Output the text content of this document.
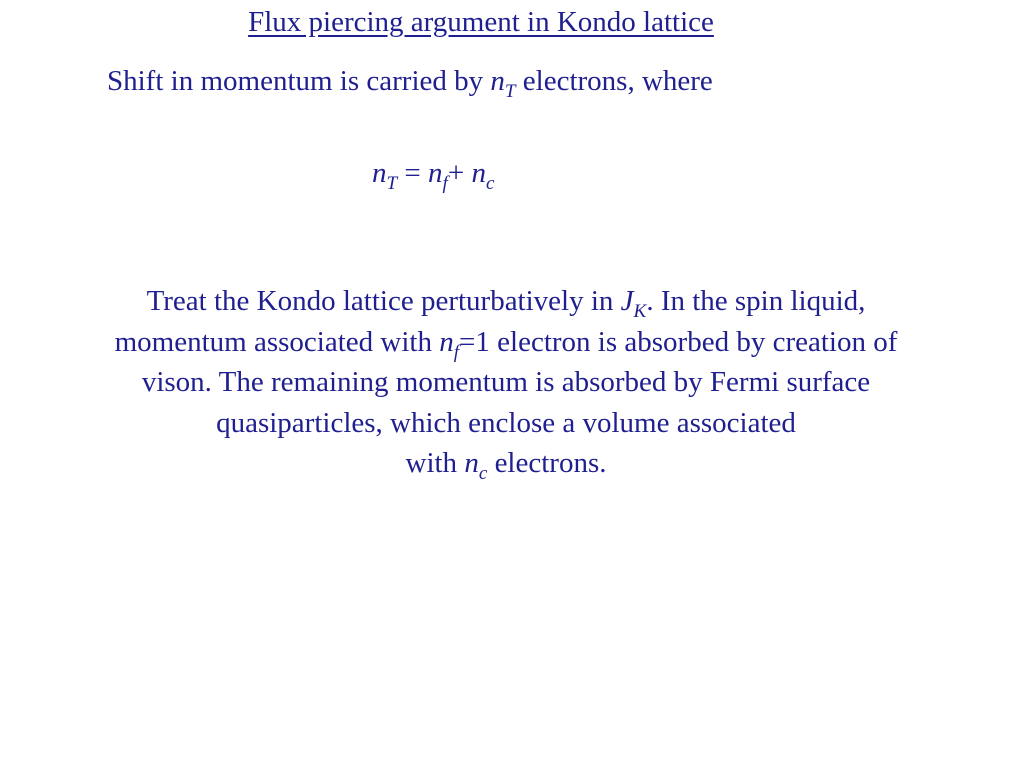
Flux piercing argument in Kondo lattice
Shift in momentum is carried by $n_T$ electrons, where
$n_T = n_f+ n_c$
Treat the Kondo lattice perturbatively in $J_K$. In the spin liquid,
momentum associated with $n_f=1$ electron is absorbed by creation of
vison. The remaining momentum is absorbed by Fermi surface
quasiparticles, which enclose a volume associated
with $n_c$ electrons.
